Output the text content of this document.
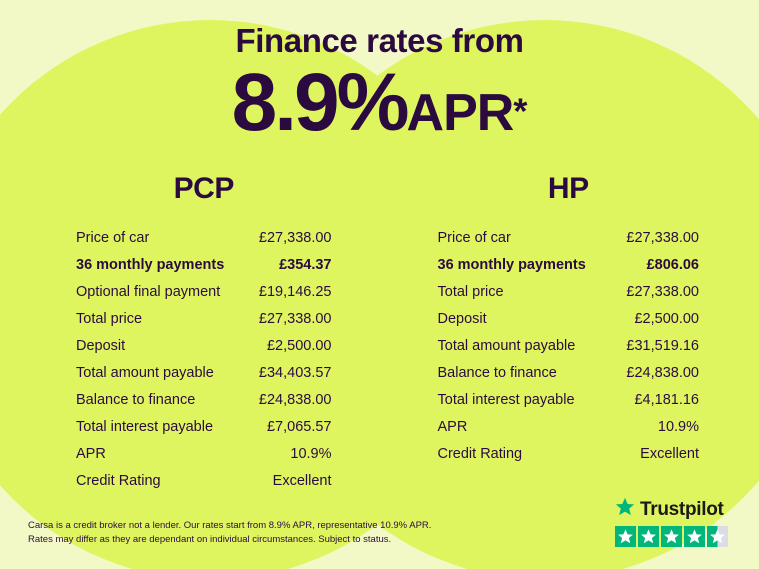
Finance rates from
8.9%APR*
PCP
Price of car	£27,338.00
36 monthly payments	£354.37
Optional final payment	£19,146.25
Total price	£27,338.00
Deposit	£2,500.00
Total amount payable	£34,403.57
Balance to finance	£24,838.00
Total interest payable	£7,065.57
APR	10.9%
Credit Rating	Excellent
HP
Price of car	£27,338.00
36 monthly payments	£806.06
Total price	£27,338.00
Deposit	£2,500.00
Total amount payable	£31,519.16
Balance to finance	£24,838.00
Total interest payable	£4,181.16
APR	10.9%
Credit Rating	Excellent
Carsa is a credit broker not a lender. Our rates start from 8.9% APR, representative 10.9% APR.
Rates may differ as they are dependant on individual circumstances. Subject to status.
Trustpilot
